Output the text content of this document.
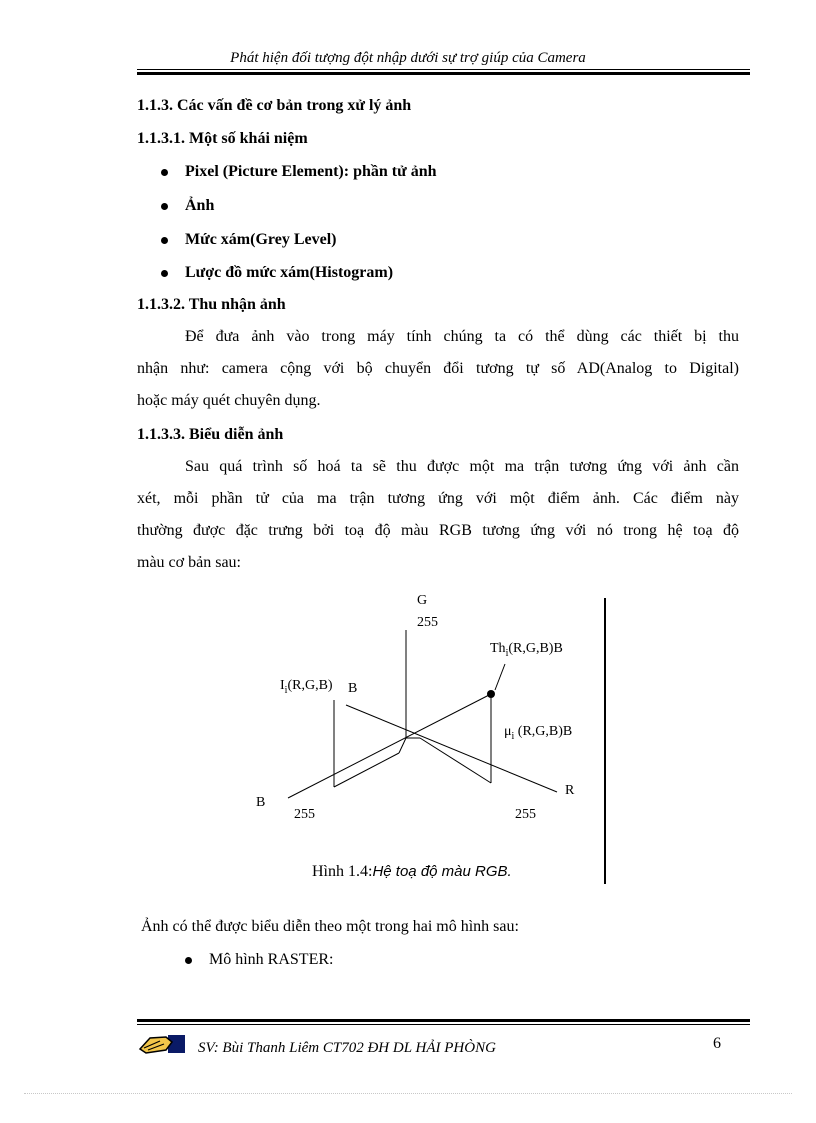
Phát hiện đối tượng đột nhập dưới sự trợ giúp của Camera
1.1.3. Các vấn đề cơ bản trong xử lý ảnh
1.1.3.1. Một số khái niệm
Pixel (Picture Element): phần tử ảnh
Ảnh
Mức xám(Grey Level)
Lược đồ mức xám(Histogram)
1.1.3.2. Thu nhận ảnh
Để đưa ảnh vào trong máy tính chúng ta có thể dùng các thiết bị thu
nhận như: camera cộng với bộ chuyển đổi tương tự số AD(Analog to Digital)
hoặc máy quét chuyên dụng.
1.1.3.3. Biểu diễn ảnh
Sau quá trình số hoá ta sẽ thu được một ma trận tương ứng với ảnh cần
xét, mỗi phần tử của ma trận tương ứng với một điểm ảnh. Các điểm này
thường được đặc trưng bởi toạ độ màu RGB tương ứng với nó trong hệ toạ độ
màu cơ bản sau:
G
255
$Th_i(R,G,B)B$
$I_i(R,G,B)$ B
$\mu_i$ (R,G,B)B
B
R
255	255
Hình 1.4:Hệ toạ độ màu RGB.
Ảnh có thể được biểu diễn theo một trong hai mô hình sau:
Mô hình RASTER:
SV: Bùi Thanh Liêm CT702 ĐH DL HẢI PHÒNG	6
